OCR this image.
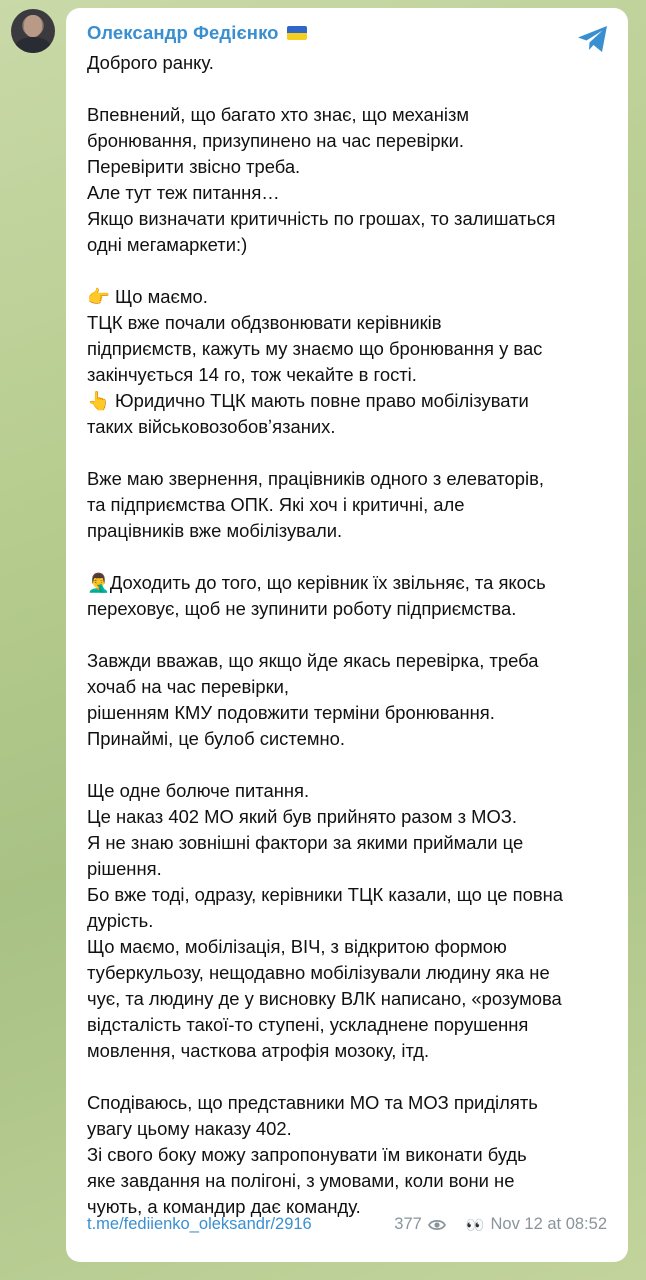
Олександр Федієнко
Доброго ранку.
Впевнений, що багато хто знає, що механізм
бронювання, призупинено на час перевірки.
Перевірити звісно треба.
Але тут теж питання…
Якщо визначати критичність по грошах, то залишаться
одні мегамаркети:)
👉 Що маємо.
ТЦК вже почали обдзвонювати керівників
підприємств, кажуть му знаємо що бронювання у вас
закінчується 14 го, тож чекайте в гості.
👆 Юридично ТЦК мають повне право мобілізувати
таких військовозобовʼязаних.
Вже маю звернення, працівників одного з елеваторів,
та підприємства ОПК. Які хоч і критичні, але
працівників вже мобілізували.
🤦‍♂️Доходить до того, що керівник їх звільняє, та якось
переховує, щоб не зупинити роботу підприємства.
Завжди вважав, що якщо йде якась перевірка, треба
хочаб на час перевірки,
рішенням КМУ подовжити терміни бронювання.
Принаймі, це булоб системно.
Ще одне болюче питання.
Це наказ 402 МО який був прийнято разом з МОЗ.
Я не знаю зовнішні фактори за якими приймали це
рішення.
Бо вже тоді, одразу, керівники ТЦК казали, що це повна
дурість.
Що маємо, мобілізація, ВІЧ, з відкритою формою
туберкульозу, нещодавно мобілізували людину яка не
чує, та людину де у висновку ВЛК написано, «розумова
відсталість такої-то ступені, ускладнене порушення
мовлення, часткова атрофія мозоку, ітд.
Сподіваюсь, що представники МО та МОЗ приділять
увагу цьому наказу 402.
Зі свого боку можу запропонувати їм виконати будь
яке завдання на полігоні, з умовами, коли вони не
чують, а командир дає команду.
t.me/fediienko_oleksandr/2916	377	👀 Nov 12 at 08:52
